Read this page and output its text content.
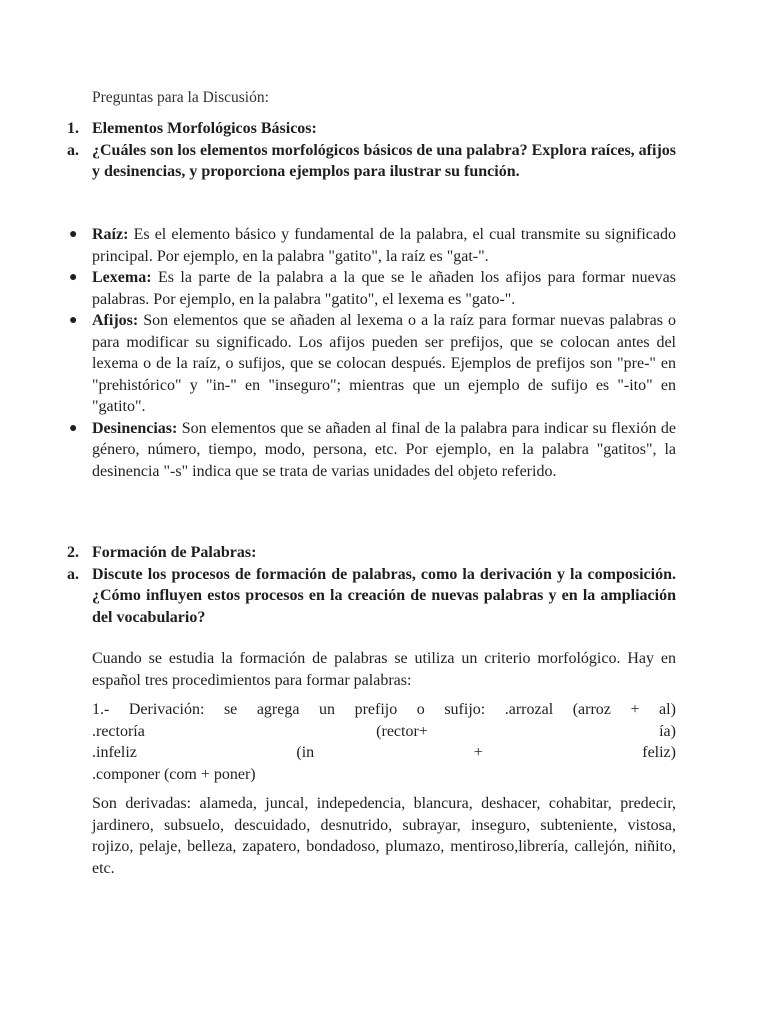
Preguntas para la Discusión:
1. Elementos Morfológicos Básicos:
a. ¿Cuáles son los elementos morfológicos básicos de una palabra? Explora raíces, afijos y desinencias, y proporciona ejemplos para ilustrar su función.
● Raíz: Es el elemento básico y fundamental de la palabra, el cual transmite su significado principal. Por ejemplo, en la palabra "gatito", la raíz es "gat-".
● Lexema: Es la parte de la palabra a la que se le añaden los afijos para formar nuevas palabras. Por ejemplo, en la palabra "gatito", el lexema es "gato-".
● Afijos: Son elementos que se añaden al lexema o a la raíz para formar nuevas palabras o para modificar su significado. Los afijos pueden ser prefijos, que se colocan antes del lexema o de la raíz, o sufijos, que se colocan después. Ejemplos de prefijos son "pre-" en "prehistórico" y "in-" en "inseguro"; mientras que un ejemplo de sufijo es "-ito" en "gatito".
● Desinencias: Son elementos que se añaden al final de la palabra para indicar su flexión de género, número, tiempo, modo, persona, etc. Por ejemplo, en la palabra "gatitos", la desinencia "-s" indica que se trata de varias unidades del objeto referido.
2. Formación de Palabras:
a. Discute los procesos de formación de palabras, como la derivación y la composición. ¿Cómo influyen estos procesos en la creación de nuevas palabras y en la ampliación del vocabulario?
Cuando se estudia la formación de palabras se utiliza un criterio morfológico. Hay en español tres procedimientos para formar palabras:
1.- Derivación: se agrega un prefijo o sufijo: .arrozal (arroz + al)
.rectoría	(rector+	ía)
.infeliz	(in	+	feliz)
.componer (com + poner)
Son derivadas: alameda, juncal, indepedencia, blancura, deshacer, cohabitar, predecir, jardinero, subsuelo, descuidado, desnutrido, subrayar, inseguro, subteniente, vistosa, rojizo, pelaje, belleza, zapatero, bondadoso, plumazo, mentiroso,librería, callejón, niñito, etc.
